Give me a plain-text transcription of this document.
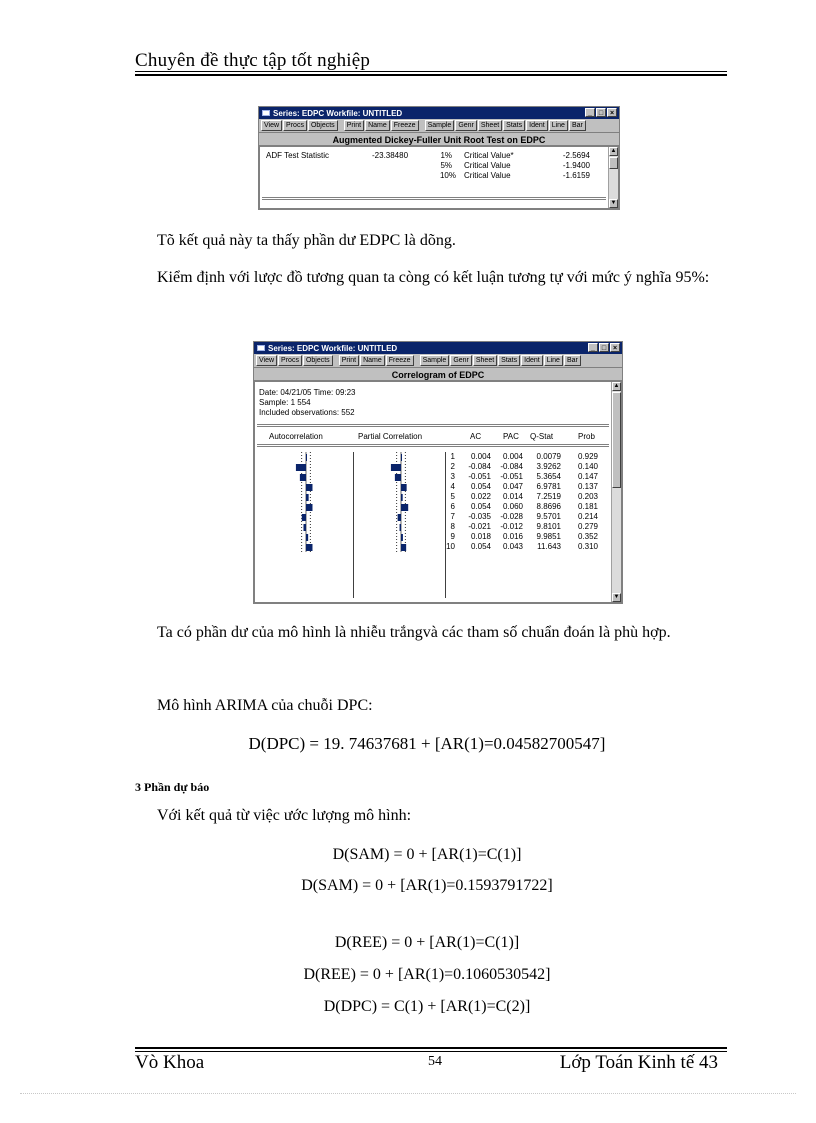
Chuyên đề thực tập tốt nghiệp
Series: EDPC Workfile: UNTITLED	_ □ ×
View	Procs	Objects	Print	Name	Freeze	Sample	Genr	Sheet	Stats	Ident	Line	Bar
Augmented Dickey-Fuller Unit Root Test on EDPC
ADF Test Statistic	-23.38480	1% Critical Value*	-2.5694
5% Critical Value	-1.9400
10% Critical Value	-1.6159
▲
▼

Tõ kết quả này ta thấy phần dư EDPC là dõng.

Kiểm định với lược đồ tương quan ta còng có kết luận tương tự với mức ý nghĩa 95%:

Series: EDPC Workfile: UNTITLED	_ □ ×
View	Procs	Objects	Print	Name	Freeze	Sample	Genr	Sheet	Stats	Ident	Line	Bar
Correlogram of EDPC
Date: 04/21/05 Time: 09:23
Sample: 1 554
Included observations: 552
Autocorrelation	Partial Correlation	AC	PAC Q-Stat	Prob
1	0.004	0.004	0.0079	0.929
2	-0.084	-0.084	3.9262	0.140
3	-0.051	-0.051	5.3654	0.147
4	0.054	0.047	6.9781	0.137
5	0.022	0.014	7.2519	0.203
6	0.054	0.060	8.8696	0.181
7	-0.035	-0.028	9.5701	0.214
8	-0.021	-0.012	9.8101	0.279
9	0.018	0.016	9.9851	0.352
10	0.054	0.043	11.643	0.310
▲
▼

Ta có phần dư của mô hình là nhiễu trắngvà các tham số chuẩn đoán là phù hợp.

Mô hình ARIMA của chuỗi DPC:

D(DPC) = 19. 74637681 + [AR(1)=0.04582700547]
3 Phần dự báo

Với kết quả từ việc ước lượng mô hình:

D(SAM) = 0 + [AR(1)=C(1)]
D(SAM) = 0 + [AR(1)=0.1593791722]
D(REE) = 0 + [AR(1)=C(1)]
D(REE) = 0 + [AR(1)=0.1060530542]
D(DPC) = C(1) + [AR(1)=C(2)]
Vò Khoa	54	Lớp Toán Kinh tế 43
